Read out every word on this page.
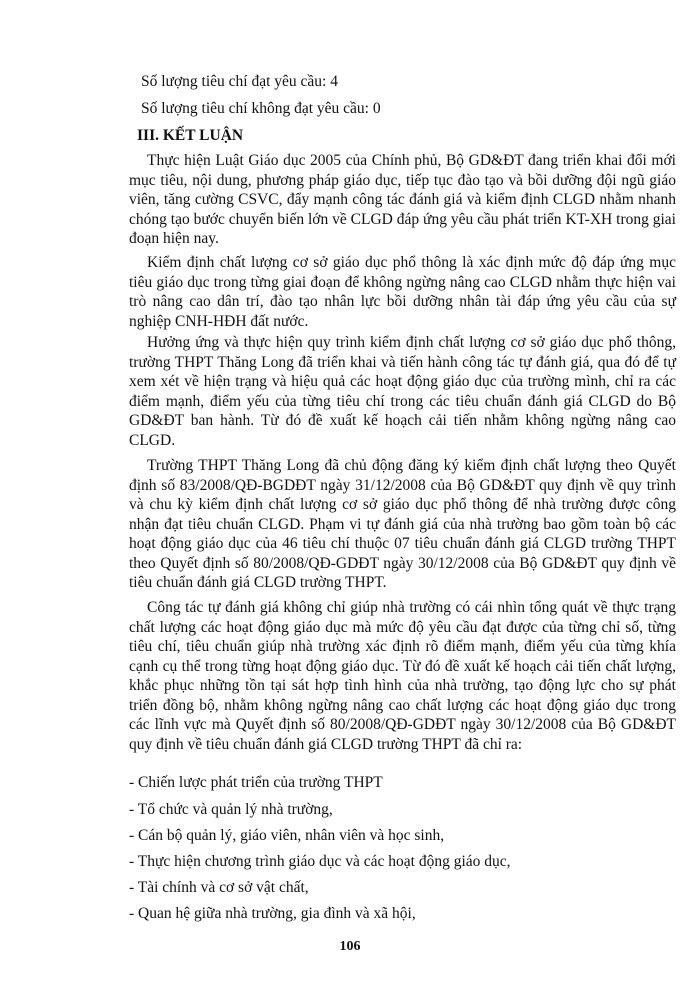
Số lượng tiêu chí đạt yêu cầu: 4
Số lượng tiêu chí không đạt yêu cầu: 0
III. KẾT LUẬN
Thực hiện Luật Giáo dục 2005 của Chính phủ, Bộ GD&ĐT đang triển khai đổi mới mục tiêu, nội dung, phương pháp giáo dục, tiếp tục đào tạo và bồi dưỡng đội ngũ giáo viên, tăng cường CSVC, đẩy mạnh công tác đánh giá và kiểm định CLGD nhằm nhanh chóng tạo bước chuyển biến lớn về CLGD đáp ứng yêu cầu phát triển KT-XH trong giai đoạn hiện nay.
Kiểm định chất lượng cơ sở giáo dục phổ thông là xác định mức độ đáp ứng mục tiêu giáo dục trong từng giai đoạn để không ngừng nâng cao CLGD nhằm thực hiện vai trò nâng cao dân trí, đào tạo nhân lực bồi dưỡng nhân tài đáp ứng yêu cầu của sự nghiệp CNH-HĐH đất nước.
Hưởng ứng và thực hiện quy trình kiểm định chất lượng cơ sở giáo dục phổ thông, trường THPT Thăng Long đã triển khai và tiến hành công tác tự đánh giá, qua đó để tự xem xét về hiện trạng và hiệu quả các hoạt động giáo dục của trường mình, chỉ ra các điểm mạnh, điểm yếu của từng tiêu chí trong các tiêu chuẩn đánh giá CLGD do Bộ GD&ĐT ban hành. Từ đó đề xuất kế hoạch cải tiến nhằm không ngừng nâng cao CLGD.
Trường THPT Thăng Long đã chủ động đăng ký kiểm định chất lượng theo Quyết định số 83/2008/QĐ-BGDĐT ngày 31/12/2008 của Bộ GD&ĐT quy định về quy trình và chu kỳ kiểm định chất lượng cơ sở giáo dục phổ thông để nhà trường được công nhận đạt tiêu chuẩn CLGD. Phạm vi tự đánh giá của nhà trường bao gồm toàn bộ các hoạt động giáo dục của 46 tiêu chí thuộc 07 tiêu chuẩn đánh giá CLGD trường THPT theo Quyết định số 80/2008/QĐ-GDĐT ngày 30/12/2008 của Bộ GD&ĐT quy định về tiêu chuẩn đánh giá CLGD trường THPT.
Công tác tự đánh giá không chỉ giúp nhà trường có cái nhìn tổng quát về thực trạng chất lượng các hoạt động giáo dục mà mức độ yêu cầu đạt được của từng chỉ số, từng tiêu chí, tiêu chuẩn giúp nhà trường xác định rõ điểm mạnh, điểm yếu của từng khía cạnh cụ thể trong từng hoạt động giáo dục. Từ đó đề xuất kế hoạch cải tiến chất lượng, khắc phục những tồn tại sát hợp tình hình của nhà trường, tạo động lực cho sự phát triển đồng bộ, nhằm không ngừng nâng cao chất lượng các hoạt động giáo dục trong các lĩnh vực mà Quyết định số 80/2008/QĐ-GDĐT ngày 30/12/2008 của Bộ GD&ĐT quy định về tiêu chuẩn đánh giá CLGD trường THPT đã chỉ ra:
- Chiến lược phát triển của trường THPT
- Tổ chức và quản lý nhà trường,
- Cán bộ quản lý, giáo viên, nhân viên và học sinh,
- Thực hiện chương trình giáo dục và các hoạt động giáo dục,
- Tài chính và cơ sở vật chất,
- Quan hệ giữa nhà trường, gia đình và xã hội,
106
